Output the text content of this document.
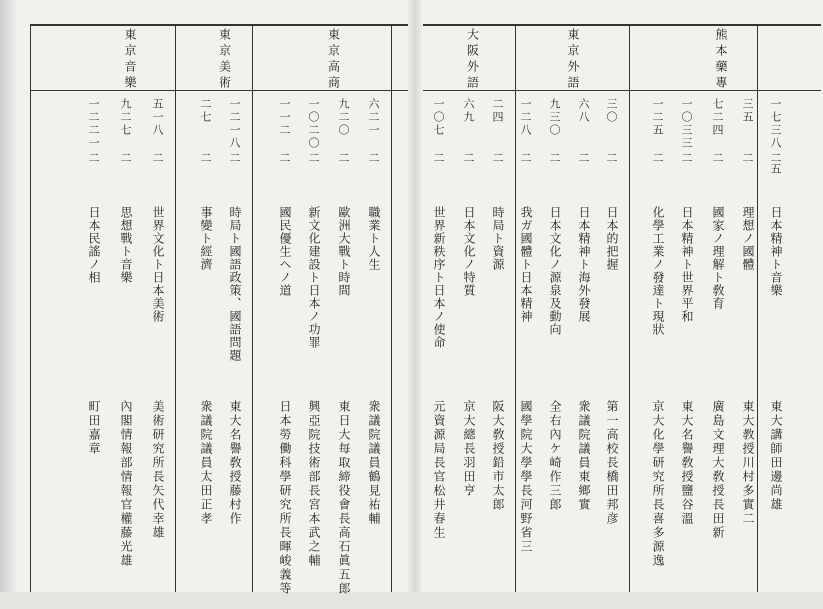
熊本藥專
東京外語
大阪外語
東京高商
東京美術
東京音樂
一七三八
二五
日本精神ト音樂
東大講師田邊尚雄
三五
二
理想ノ國體
東大教授川村多實二
七二四
二
國家ノ理解ト敎育
廣島文理大敎授長田新
一〇三三
二
日本精神ト世界平和
東大名譽敎授鹽谷溫
一二五
二
化學工業ノ發達ト現狀
京大化學研究所長喜多源逸
三〇
二
日本的把握
第一高校長橋田邦彦
六八
二
日本精神ト海外發展
衆議院議員東鄉實
九三〇
二
日本文化ノ源泉及動向
全右內ケ崎作三郎
一二八
二
我ガ國體ト日本精神
國學院大學學長河野省三
二四
二
時局ト資源
阪大敎授鉛市太郎
六九
二
日本文化ノ特質
京大總長羽田亨
一〇七
二
世界新秩序ト日本ノ使命
元資源局長官松井春生
六二一
二
職業ト人生
衆議院議員鶴見祐輔
九二〇
二
歐洲大戰ト時間
東日大每取締役會長高石眞五郎
一〇二〇
二
新文化建設ト日本ノ功罪
興亞院技術部長宮本武之輔
一一二
二
國民優生ヘノ道
日本勞働科學研究所長暉峻義等
一二一八
二
時局ト國語政策、國語問題
東大名譽敎授藤村作
二七
二
事變ト經濟
衆議院議員太田正孝
五一八
二
世界文化ト日本美術
美術研究所長矢代幸雄
九二七
二
思想戰ト音樂
內閣情報部情報官權藤光雄
一二二一
二
日本民謠ノ相
町田嘉章
